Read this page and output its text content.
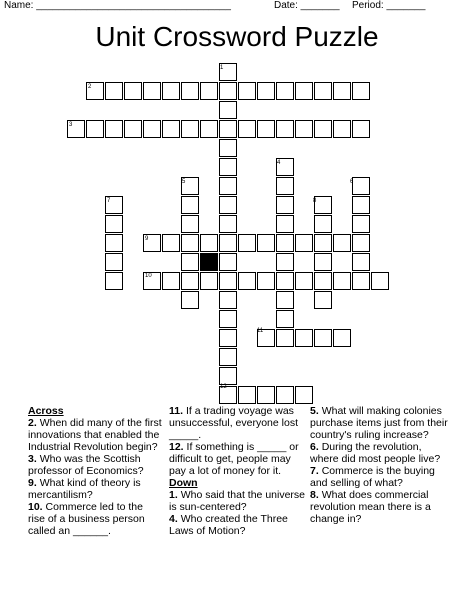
Name: ___________________________________	Date: _______ Period: _______
Unit Crossword Puzzle
1
2
3
4
5	6
7	8
9
10
11
12
Across

2. When did many of the first innovations that enabled the Industrial Revolution begin?

3. Who was the Scottish professor of Economics?

9. What kind of theory is mercantilism?

10. Commerce led to the rise of a business person called an ______.

11. If a trading voyage was unsuccessful, everyone lost _____.

12. If something is _____ or difficult to get, people may pay a lot of money for it.

Down

1. Who said that the universe is sun-centered?

4. Who created the Three Laws of Motion?

5. What will making colonies purchase items just from their country's ruling increase?

6. During the revolution, where did most people live?

7. Commerce is the buying and selling of what?

8. What does commercial revolution mean there is a change in?
